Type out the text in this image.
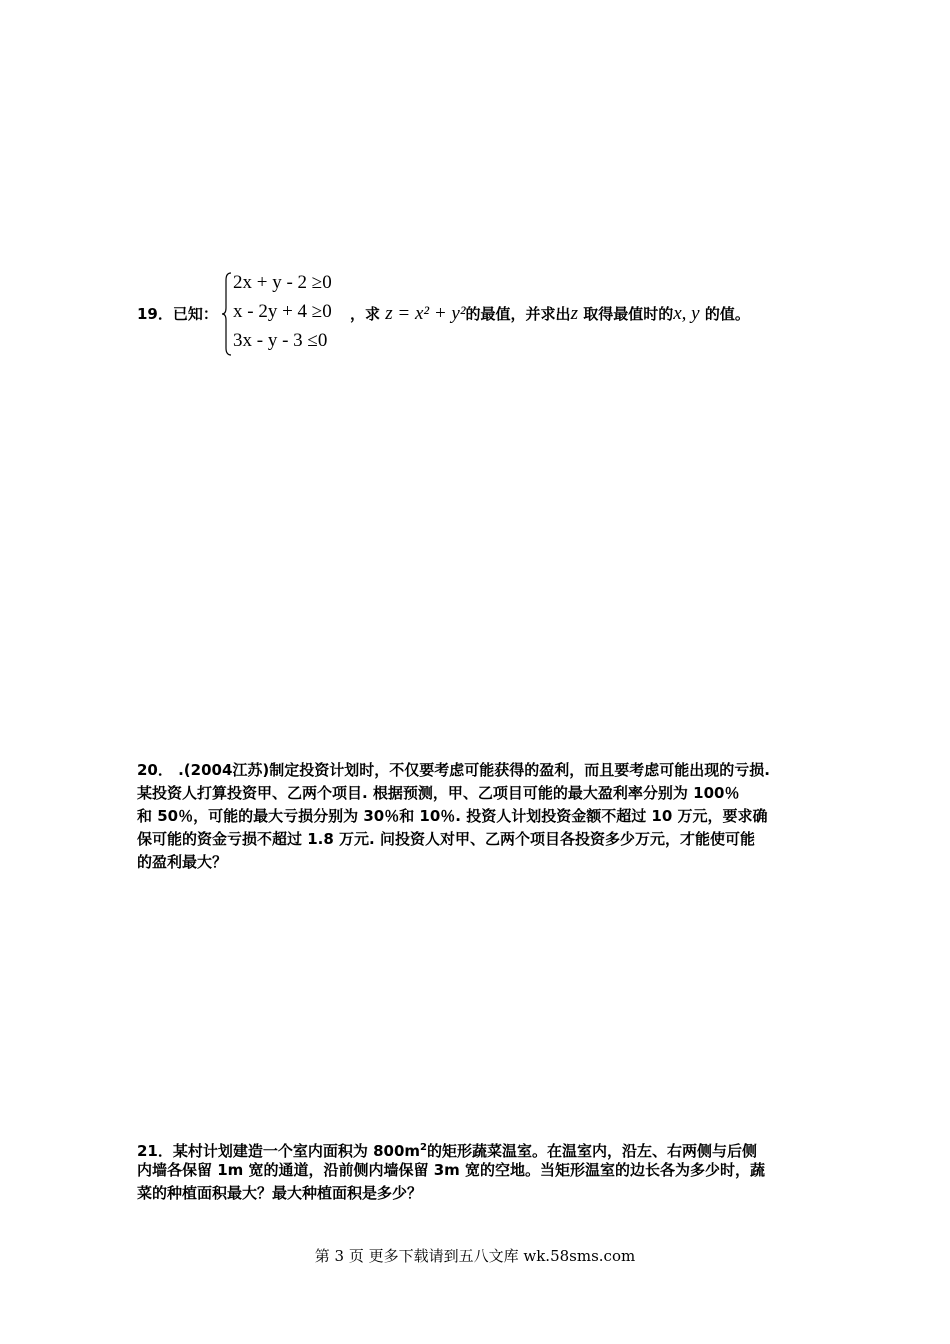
19．已知：
2x + y - 2 ≥0
x - 2y + 4 ≥0
3x - y - 3 ≤0
，求 z = x² + y²的最值，并求出z 取得最值时的x, y 的值。
20． .(2004江苏)制定投资计划时，不仅要考虑可能获得的盈利，而且要考虑可能出现的亏损.
某投资人打算投资甲、乙两个项目. 根据预测，甲、乙项目可能的最大盈利率分别为 100％
和 50％，可能的最大亏损分别为 30％和 10％. 投资人计划投资金额不超过 10 万元，要求确
保可能的资金亏损不超过 1.8 万元. 问投资人对甲、乙两个项目各投资多少万元，才能使可能
的盈利最大？
21．某村计划建造一个室内面积为 $800m^2$的矩形蔬菜温室。在温室内，沿左、右两侧与后侧
内墙各保留 1m 宽的通道，沿前侧内墙保留 3m 宽的空地。当矩形温室的边长各为多少时，蔬
菜的种植面积最大？最大种植面积是多少？
第 3 页 更多下载请到五八文库 wk.58sms.com
